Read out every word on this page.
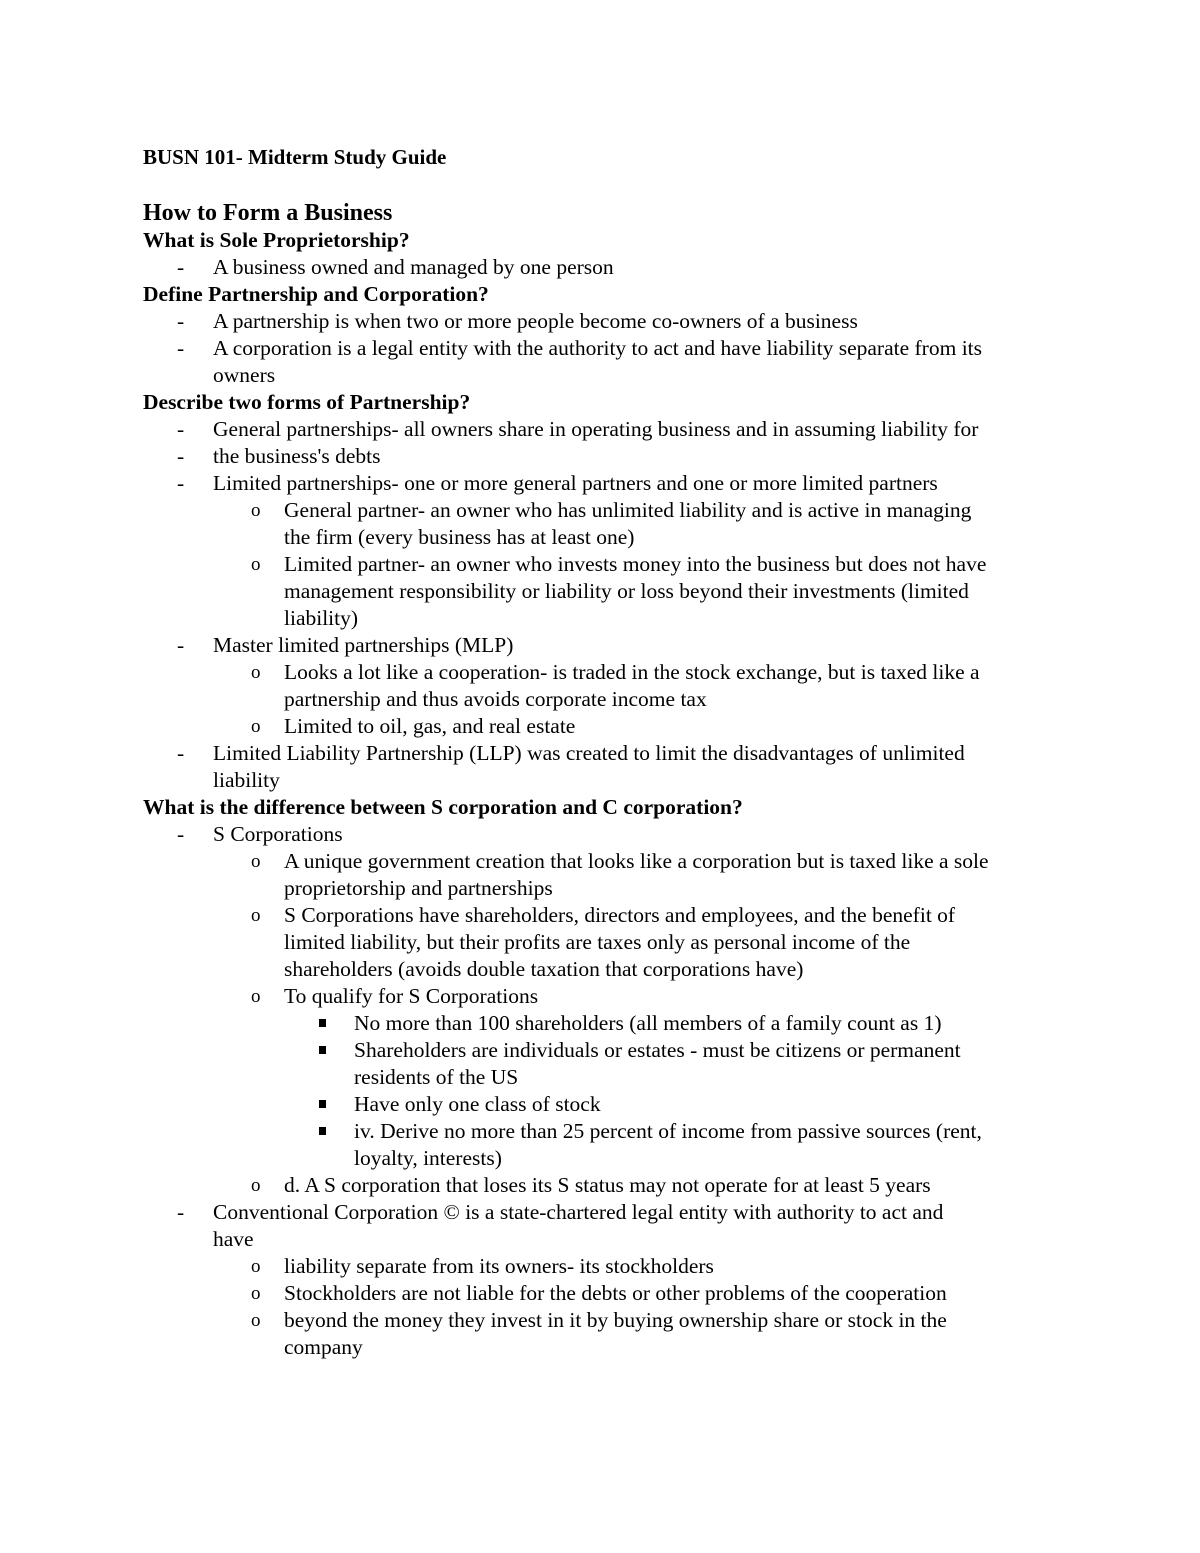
BUSN 101- Midterm Study Guide
How to Form a Business
What is Sole Proprietorship?
- A business owned and managed by one person
Define Partnership and Corporation?
- A partnership is when two or more people become co-owners of a business
- A corporation is a legal entity with the authority to act and have liability separate from its
owners
Describe two forms of Partnership?
- General partnerships- all owners share in operating business and in assuming liability for
- the business's debts
- Limited partnerships- one or more general partners and one or more limited partners
o General partner- an owner who has unlimited liability and is active in managing
the firm (every business has at least one)
o Limited partner- an owner who invests money into the business but does not have
management responsibility or liability or loss beyond their investments (limited
liability)
- Master limited partnerships (MLP)
o Looks a lot like a cooperation- is traded in the stock exchange, but is taxed like a
partnership and thus avoids corporate income tax
o Limited to oil, gas, and real estate
- Limited Liability Partnership (LLP) was created to limit the disadvantages of unlimited
liability
What is the difference between S corporation and C corporation?
- S Corporations
o A unique government creation that looks like a corporation but is taxed like a sole
proprietorship and partnerships
o S Corporations have shareholders, directors and employees, and the benefit of
limited liability, but their profits are taxes only as personal income of the
shareholders (avoids double taxation that corporations have)
o To qualify for S Corporations
No more than 100 shareholders (all members of a family count as 1)
Shareholders are individuals or estates - must be citizens or permanent
residents of the US
Have only one class of stock
iv. Derive no more than 25 percent of income from passive sources (rent,
loyalty, interests)
o d. A S corporation that loses its S status may not operate for at least 5 years
- Conventional Corporation © is a state-chartered legal entity with authority to act and
have
o liability separate from its owners- its stockholders
o Stockholders are not liable for the debts or other problems of the cooperation
o beyond the money they invest in it by buying ownership share or stock in the
company
